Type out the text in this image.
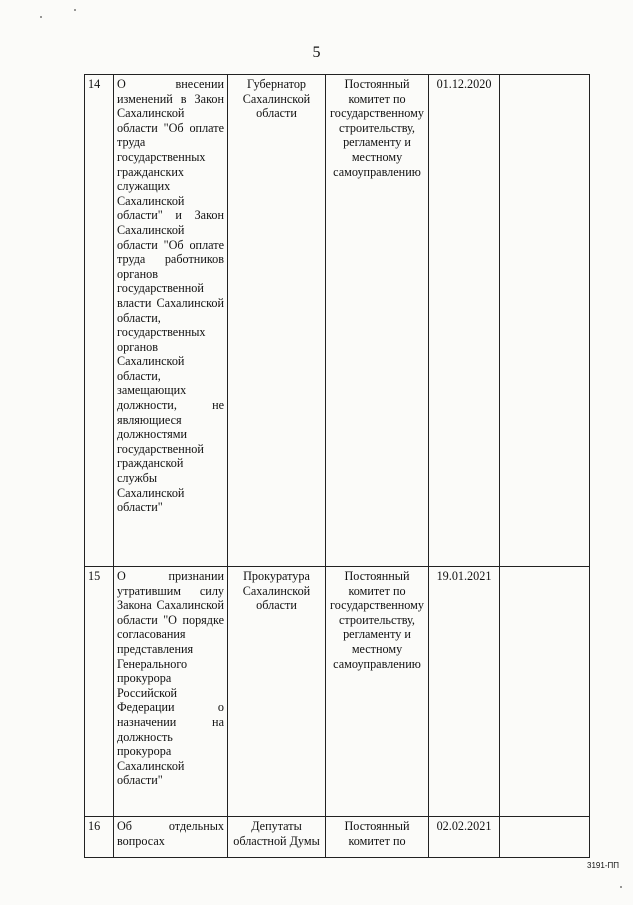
5
14	О внесении изменений в Закон Сахалинской области "Об оплате труда государственных гражданских служащих Сахалинской области" и Закон Сахалинской области "Об оплате труда работников органов государственной власти Сахалинской области, государственных органов Сахалинской области, замещающих должности, не являющиеся должностями государственной гражданской службы Сахалинской области"	Губернатор Сахалинской области	Постоянный комитет по государственному строительству, регламенту и местному самоуправлению	01.12.2020	
15	О признании утратившим силу Закона Сахалинской области "О порядке согласования представления Генерального прокурора Российской Федерации о назначении на должность прокурора Сахалинской области"	Прокуратура Сахалинской области	Постоянный комитет по государственному строительству, регламенту и местному самоуправлению	19.01.2021	
16	Об отдельных вопросах	Депутаты областной Думы	Постоянный комитет по	02.02.2021	
3191-ПП
